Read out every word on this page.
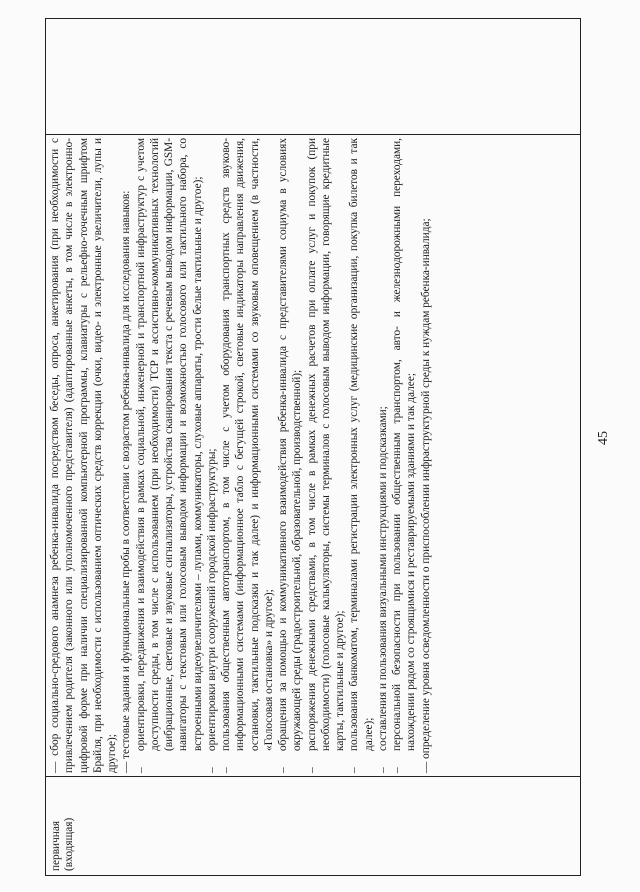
45
первичная (входящая)	
— сбор социально-средового анамнеза ребенка-инвалида посредством беседы, опроса, анкетирования (при необходимости с привлечением родителя (законного или уполномоченного представителя) (адаптированные анкеты, в том числе в электронно-цифровой форме при наличии специализированной компьютерной программы, клавиатуры с рельефно-точечным шрифтом Брайля, при необходимости с использованием оптических средств коррекции (очки, видео- и электронные увеличители, лупы и другое); — тестовые задания и функциональные пробы в соответствии с возрастом ребенка-инвалида для исследования навыков: –
ориентировки, передвижения и взаимодействия в рамках социальной, инженерной и транспортной инфраструктур с учетом доступности среды, в том числе с использованием (при необходимости) ТСР и ассистивно-коммуникативных технологий (вибрационные, световые и звуковые сигнализаторы, устройства сканирования текста с речевым выводом информации, GSM-навигаторы с текстовым или голосовым выводом информации и возможностью голосового или тактильного набора, со встроенными видеоувеличителями – лупами, коммуникаторы, слуховые аппараты, трости белые тактильные и другое);
–
ориентировки внутри сооружений городской инфраструктуры;
–
пользования общественным автотранспортом, в том числе с учетом оборудования транспортных средств звуково-информационными системами (информационное табло с бегущей строкой, световые индикаторы направления движения, остановки, тактильные подсказки и так далее) и информационными системами со звуковым оповещением (в частности, «Голосовая остановка» и другое);
–
обращения за помощью и коммуникативного взаимодействия ребенка-инвалида с представителями социума в условиях окружающей среды (градостроительной, образовательной, производственной);
–
распоряжения денежными средствами, в том числе в рамках денежных расчетов при оплате услуг и покупок (при необходимости) (голосовые калькуляторы, системы терминалов с голосовым выводом информации, говорящие кредитные карты, тактильные и другое);
–
пользования банкоматом, терминалами регистрации электронных услуг (медицинские организации, покупка билетов и так далее);
–
составления и пользования визуальными инструкциями и подсказками;
–
персональной безопасности при пользовании общественным транспортом, авто- и железнодорожными переходами, нахождении рядом со строящимися и реставрируемыми зданиями и так далее; — определение уровня осведомленности о приспособлении инфраструктурной среды к нуждам ребенка-инвалида;
